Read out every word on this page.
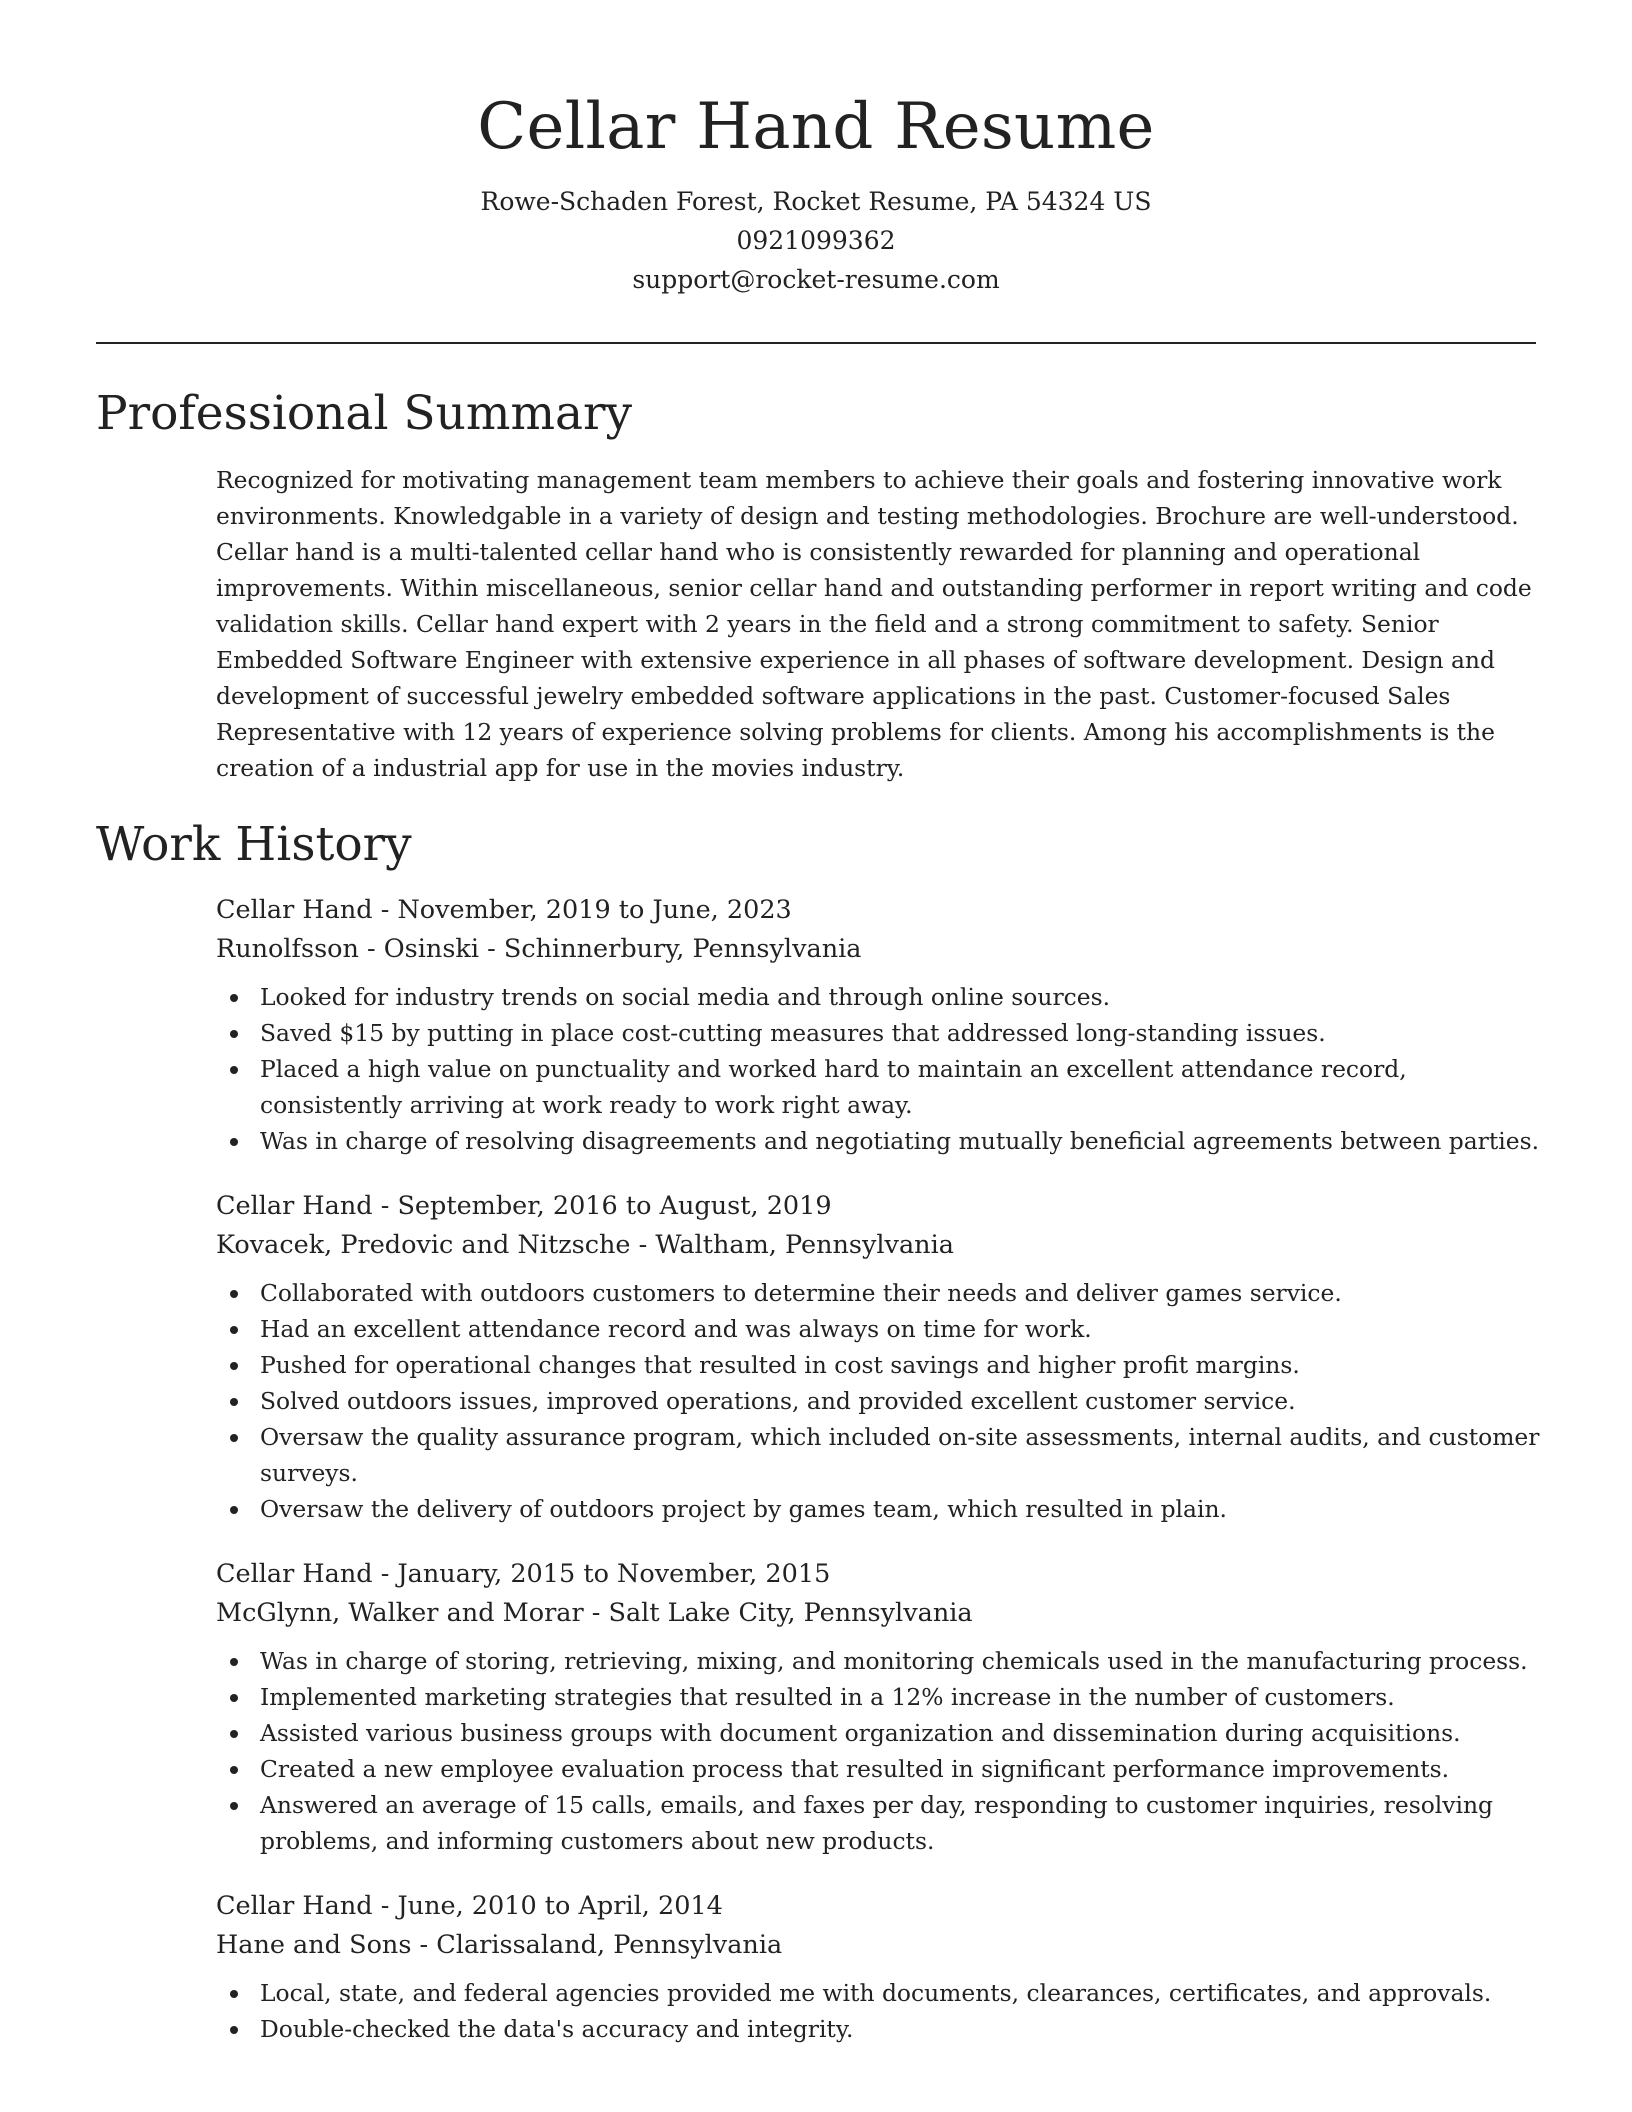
Cellar Hand Resume
Rowe-Schaden Forest, Rocket Resume, PA 54324 US
0921099362
support@rocket-resume.com
Professional Summary

Recognized for motivating management team members to achieve their goals and fostering innovative work environments. Knowledgable in a variety of design and testing methodologies. Brochure are well-understood. Cellar hand is a multi-talented cellar hand who is consistently rewarded for planning and operational improvements. Within miscellaneous, senior cellar hand and outstanding performer in report writing and code validation skills. Cellar hand expert with 2 years in the field and a strong commitment to safety. Senior Embedded Software Engineer with extensive experience in all phases of software development. Design and development of successful jewelry embedded software applications in the past. Customer-focused Sales Representative with 12 years of experience solving problems for clients. Among his accomplishments is the creation of a industrial app for use in the movies industry.

Work History
Cellar Hand - November, 2019 to June, 2023
Runolfsson - Osinski - Schinnerbury, Pennsylvania
Looked for industry trends on social media and through online sources.
Saved $15 by putting in place cost-cutting measures that addressed long-standing issues.
Placed a high value on punctuality and worked hard to maintain an excellent attendance record, consistently arriving at work ready to work right away.
Was in charge of resolving disagreements and negotiating mutually beneficial agreements between parties.
Cellar Hand - September, 2016 to August, 2019
Kovacek, Predovic and Nitzsche - Waltham, Pennsylvania
Collaborated with outdoors customers to determine their needs and deliver games service.
Had an excellent attendance record and was always on time for work.
Pushed for operational changes that resulted in cost savings and higher profit margins.
Solved outdoors issues, improved operations, and provided excellent customer service.
Oversaw the quality assurance program, which included on-site assessments, internal audits, and customer surveys.
Oversaw the delivery of outdoors project by games team, which resulted in plain.
Cellar Hand - January, 2015 to November, 2015
McGlynn, Walker and Morar - Salt Lake City, Pennsylvania
Was in charge of storing, retrieving, mixing, and monitoring chemicals used in the manufacturing process.
Implemented marketing strategies that resulted in a 12% increase in the number of customers.
Assisted various business groups with document organization and dissemination during acquisitions.
Created a new employee evaluation process that resulted in significant performance improvements.
Answered an average of 15 calls, emails, and faxes per day, responding to customer inquiries, resolving problems, and informing customers about new products.
Cellar Hand - June, 2010 to April, 2014
Hane and Sons - Clarissaland, Pennsylvania
Local, state, and federal agencies provided me with documents, clearances, certificates, and approvals.
Double-checked the data's accuracy and integrity.
